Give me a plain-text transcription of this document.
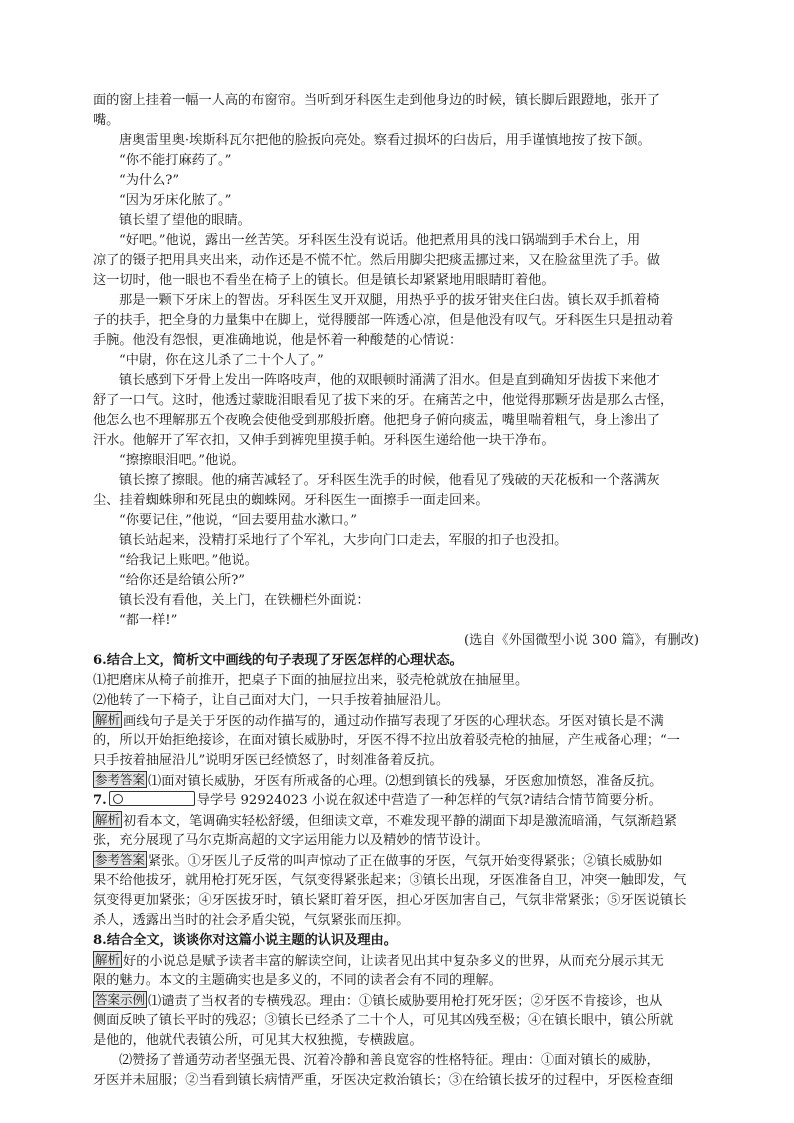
面的窗上挂着一幅一人高的布窗帘。当听到牙科医生走到他身边的时候，镇长脚后跟蹬地，张开了
嘴。
唐奥雷里奥·埃斯科瓦尔把他的脸扳向亮处。察看过损坏的臼齿后，用手谨慎地按了按下颌。
“你不能打麻药了。”
“为什么?”
“因为牙床化脓了。”
镇长望了望他的眼睛。
“好吧。”他说，露出一丝苦笑。牙科医生没有说话。他把煮用具的浅口锅端到手术台上，用
凉了的镊子把用具夹出来，动作还是不慌不忙。然后用脚尖把痰盂挪过来，又在脸盆里洗了手。做
这一切时，他一眼也不看坐在椅子上的镇长。但是镇长却紧紧地用眼睛盯着他。
那是一颗下牙床上的智齿。牙科医生叉开双腿，用热乎乎的拔牙钳夹住臼齿。镇长双手抓着椅
子的扶手，把全身的力量集中在脚上，觉得腰部一阵透心凉，但是他没有叹气。牙科医生只是扭动着
手腕。他没有怨恨，更准确地说，他是怀着一种酸楚的心情说：
“中尉，你在这儿杀了二十个人了。”
镇长感到下牙骨上发出一阵咯吱声，他的双眼顿时涌满了泪水。但是直到确知牙齿拔下来他才
舒了一口气。这时，他透过蒙眬泪眼看见了拔下来的牙。在痛苦之中，他觉得那颗牙齿是那么古怪，
他怎么也不理解那五个夜晚会使他受到那般折磨。他把身子俯向痰盂，嘴里喘着粗气，身上渗出了
汗水。他解开了军衣扣，又伸手到裤兜里摸手帕。牙科医生递给他一块干净布。
“擦擦眼泪吧。”他说。
镇长擦了擦眼。他的痛苦减轻了。牙科医生洗手的时候，他看见了残破的天花板和一个落满灰
尘、挂着蜘蛛卵和死昆虫的蜘蛛网。牙科医生一面擦手一面走回来。
“你要记住，”他说，“回去要用盐水漱口。”
镇长站起来，没精打采地行了个军礼，大步向门口走去，军服的扣子也没扣。
“给我记上账吧。”他说。
“给你还是给镇公所?”
镇长没有看他，关上门，在铁栅栏外面说：
“都一样!”
(选自《外国微型小说 300 篇》，有删改)
6.结合上文，简析文中画线的句子表现了牙医怎样的心理状态。
⑴把磨床从椅子前推开，把桌子下面的抽屉拉出来，驳壳枪就放在抽屉里。
⑵他转了一下椅子，让自己面对大门，一只手按着抽屉沿儿。
解析 画线句子是关于牙医的动作描写的，通过动作描写表现了牙医的心理状态。牙医对镇长是不满
的，所以开始拒绝接诊，在面对镇长威胁时，牙医不得不拉出放着驳壳枪的抽屉，产生戒备心理；“一
只手按着抽屉沿儿”说明牙医已经愤怒了，时刻准备着反抗。
参考答案 ⑴面对镇长威胁，牙医有所戒备的心理。⑵想到镇长的残暴，牙医愈加愤怒，准备反抗。
7.	导学号 92924023 小说在叙述中营造了一种怎样的气氛?请结合情节简要分析。
解析 初看本文，笔调确实轻松舒缓，但细读文章，不难发现平静的湖面下却是激流暗涌，气氛渐趋紧
张，充分展现了马尔克斯高超的文字运用能力以及精妙的情节设计。
参考答案 紧张。①牙医儿子反常的叫声惊动了正在做事的牙医，气氛开始变得紧张；②镇长威胁如
果不给他拔牙，就用枪打死牙医，气氛变得紧张起来；③镇长出现，牙医准备自卫，冲突一触即发，气
氛变得更加紧张；④牙医拔牙时，镇长紧盯着牙医，担心牙医加害自己，气氛非常紧张；⑤牙医说镇长
杀人，透露出当时的社会矛盾尖锐，气氛紧张而压抑。
8.结合全文，谈谈你对这篇小说主题的认识及理由。
解析 好的小说总是赋予读者丰富的解读空间，让读者见出其中复杂多义的世界，从而充分展示其无
限的魅力。本文的主题确实也是多义的，不同的读者会有不同的理解。
答案示例 ⑴谴责了当权者的专横残忍。理由：①镇长威胁要用枪打死牙医；②牙医不肯接诊，也从
侧面反映了镇长平时的残忍；③镇长已经杀了二十个人，可见其凶残至极；④在镇长眼中，镇公所就
是他的，他就代表镇公所，可见其大权独揽，专横跋扈。
⑵赞扬了普通劳动者坚强无畏、沉着冷静和善良宽容的性格特征。理由：①面对镇长的威胁，
牙医并未屈服；②当看到镇长病情严重，牙医决定救治镇长；③在给镇长拔牙的过程中，牙医检查细
